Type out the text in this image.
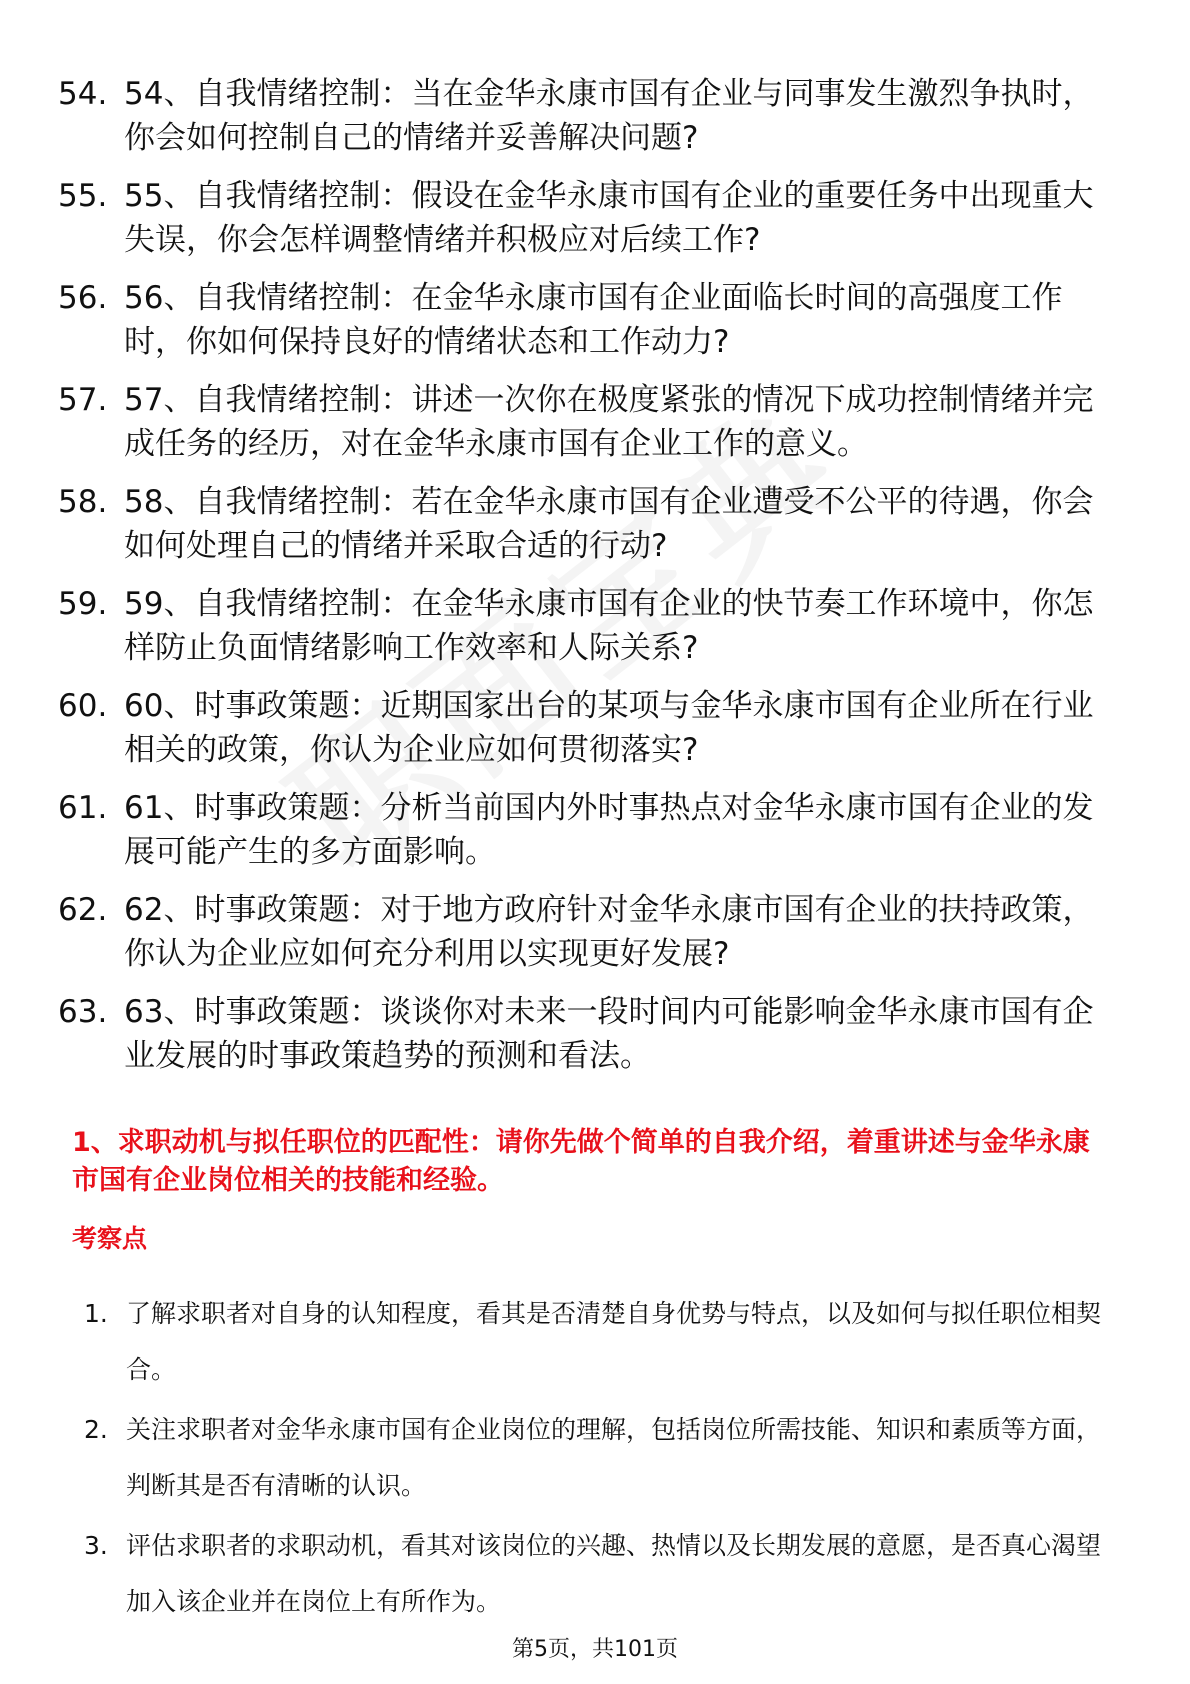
54. 54、自我情绪控制：当在金华永康市国有企业与同事发生激烈争执时，你会如何控制自己的情绪并妥善解决问题?
55. 55、自我情绪控制：假设在金华永康市国有企业的重要任务中出现重大失误，你会怎样调整情绪并积极应对后续工作?
56. 56、自我情绪控制：在金华永康市国有企业面临长时间的高强度工作时，你如何保持良好的情绪状态和工作动力?
57. 57、自我情绪控制：讲述一次你在极度紧张的情况下成功控制情绪并完成任务的经历，对在金华永康市国有企业工作的意义。
58. 58、自我情绪控制：若在金华永康市国有企业遭受不公平的待遇，你会如何处理自己的情绪并采取合适的行动?
59. 59、自我情绪控制：在金华永康市国有企业的快节奏工作环境中，你怎样防止负面情绪影响工作效率和人际关系?
60. 60、时事政策题：近期国家出台的某项与金华永康市国有企业所在行业相关的政策，你认为企业应如何贯彻落实?
61. 61、时事政策题：分析当前国内外时事热点对金华永康市国有企业的发展可能产生的多方面影响。
62. 62、时事政策题：对于地方政府针对金华永康市国有企业的扶持政策，你认为企业应如何充分利用以实现更好发展?
63. 63、时事政策题：谈谈你对未来一段时间内可能影响金华永康市国有企业发展的时事政策趋势的预测和看法。
1、求职动机与拟任职位的匹配性：请你先做个简单的自我介绍，着重讲述与金华永康市国有企业岗位相关的技能和经验。
考察点
1. 了解求职者对自身的认知程度，看其是否清楚自身优势与特点，以及如何与拟任职位相契合。
2. 关注求职者对金华永康市国有企业岗位的理解，包括岗位所需技能、知识和素质等方面，判断其是否有清晰的认识。
3. 评估求职者的求职动机，看其对该岗位的兴趣、热情以及长期发展的意愿，是否真心渴望加入该企业并在岗位上有所作为。
第5页，共101页
